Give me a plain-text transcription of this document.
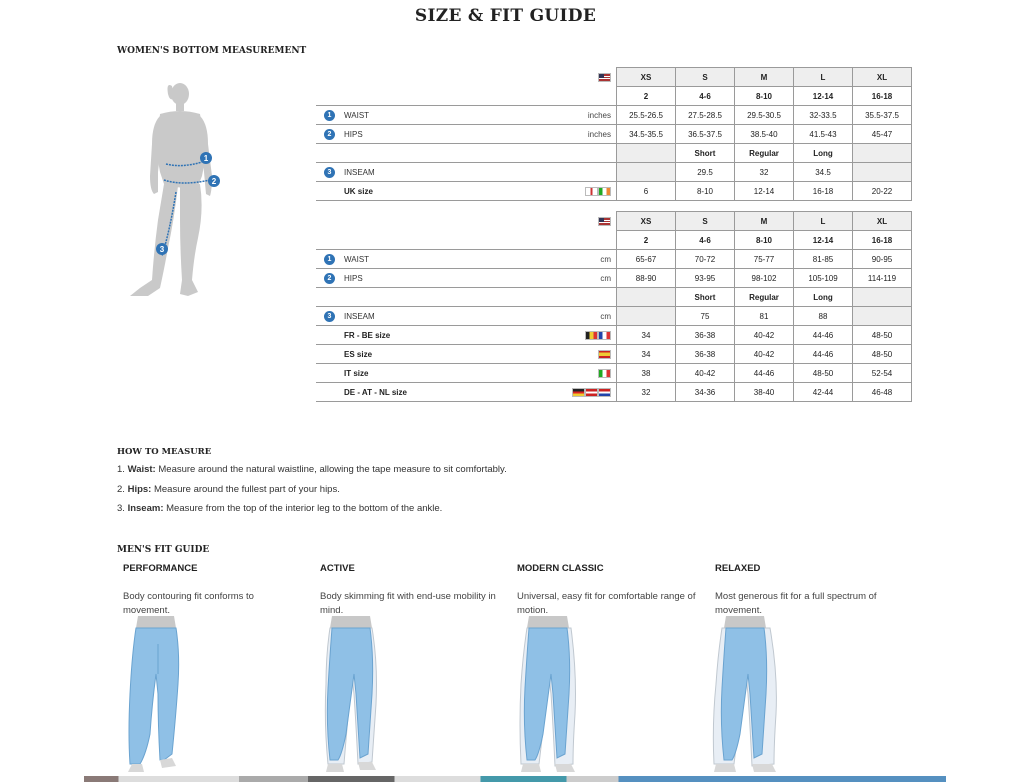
SIZE & FIT GUIDE
WOMEN'S BOTTOM MEASUREMENT
1
2
3
		XS	S	M	L	XL
		2	4-6	8-10	12-14	16-18
1 WAIST	inches	25.5-26.5	27.5-28.5	29.5-30.5	32-33.5	35.5-37.5
2 HIPS	inches	34.5-35.5	36.5-37.5	38.5-40	41.5-43	45-47
			Short	Regular	Long	
3 INSEAM			29.5	32	34.5	
UK size		6	8-10	12-14	16-18	20-22
		XS	S	M	L	XL
		2	4-6	8-10	12-14	16-18
1 WAIST	cm	65-67	70-72	75-77	81-85	90-95
2 HIPS	cm	88-90	93-95	98-102	105-109	114-119
			Short	Regular	Long	
3 INSEAM	cm		75	81	88	
FR - BE size		34	36-38	40-42	44-46	48-50
ES size		34	36-38	40-42	44-46	48-50
IT size		38	40-42	44-46	48-50	52-54
DE - AT - NL size		32	34-36	38-40	42-44	46-48
HOW TO MEASURE
1. Waist: Measure around the natural waistline, allowing the tape measure to sit comfortably.
2. Hips: Measure around the fullest part of your hips.
3. Inseam: Measure from the top of the interior leg to the bottom of the ankle.
MEN'S FIT GUIDE
PERFORMANCE
Body contouring fit conforms to movement.
ACTIVE
Body skimming fit with end-use mobility in mind.
MODERN CLASSIC
Universal, easy fit for comfortable range of motion.
RELAXED
Most generous fit for a full spectrum of movement.
